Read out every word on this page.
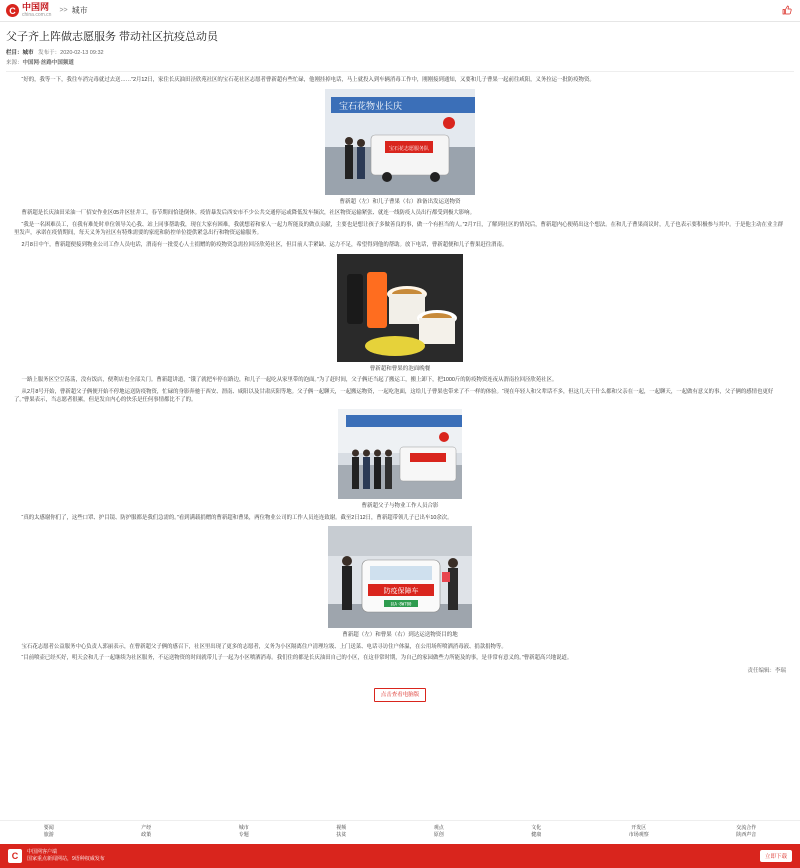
C 中国网
china.com.cn
>> 城市
父子齐上阵做志愿服务 带动社区抗疫总动员
栏目：城市 发布于：2020-02-13 09:32
来源：中国网·丝路中国频道

“好的，我等一下，我往车消完毒就过去送……”2月12日，家住长庆油田泾欣苑社区的宝石花社区志愿者曹新超有些忙碌，他刚挂掉电话，马上就投入到车辆消毒工作中，刚刚接到通知，又要和儿子曹果一起前往咸阳，义务拉运一批防疫物资。

宝石花物业长庆
宝石花志愿服务队
曹新超（左）和儿子曹果（右）准备出发运送物资

曹新超是长庆油田采油一厂招安作业区05井区驻井工，春节期间恰逢倒休。疫情暴发后西安市不少公共交通停运或降低发车频次，社区物资运输紧张、就连一线防疫人员出行都受到极大影响。

“我是一名困难员工，在我有难处时单位领导关心我、站上同事帮助我，现在大家有困难，我就想着和家人一起力所能及的做点贡献，主要也是想让孩子多做善良的事，做一个有担当的人。”2月7日，了解到社区的情况后，曹新超内心便萌出这个想法。在和儿子曹果商议时，儿子也表示要积极参与其中。于是他主动在业主群里发声，承诺在疫情期间，每天义务为社区有特殊需要的家庭和防控单位提供紧急出行和物资运输服务。

2月8日中午，曹新超便接到物业公司工作人员电话，渭南有一批爱心人士捐赠的防疫物资急需拉回泾欣苑社区，但目前人手紧缺、运力不足，希望得到他的帮助。放下电话，曹新超便和儿子曹果赶往渭南。

曹新超和曹果的泡面晚餐

一路上服务区空空荡荡，没有饭店，便利店也全部关门。曹新超讲道，“饿了就把车停在路边，和儿子一起吃从家里带的泡面。”为了赶时间，父子俩还当起了搬运工，搬上卸下，把1000斤的防疫物资连夜从渭南拉回泾欣苑社区。

从2月8号开始，曹新超父子俩便开始不停地运送防疫物资，忙碌的身影奔驰于西安、渭南、咸阳以及甘肃庆阳等地。父子俩一起聊天，一起搬运物资，一起吃泡面，这给儿子曹果也带来了不一样的体验。“现在年轻人和父辈话不多，但这几天干什么都和父亲在一起，一起聊天，一起做有意义的事，父子俩的感情也更好了。”曹果表示，当志愿者很累，但是发自内心的快乐是任何事情都比不了的。

曹新超父子与物业工作人员合影

“真的太感谢你们了，这些口罩、护目镜、防护服都是我们急需的。”看到满载捐赠的曹新超和曹果，两位物业公司的工作人员连连致谢。截至2日12日，曹新超带领儿子已出车10余次。

防疫保障车
陕A·8W700
曹新超（左）和曹果（右）到达运送物资目的地

宝石花志愿者公益服务中心负责人郭丽表示，在曹新超父子俩的感召下，社区里出现了更多的志愿者，义务为小区隔离住户清理垃圾、上门送菜、电话寻访住户体温，在公用场所喷洒消毒液、捐款捐物等。

“目前喷壶已经买好，明天会和儿子一起继续为社区服务，不运送物资的时间就带儿子一起为小区喷洒消毒。我们住的都是长庆油田自己的小区，在这非常时期，为自己的家园做些力所能及的事，是非常有意义的。”曹新超高兴地说道。

责任编辑：李瑞
点击查看电脑版
要闻
旅游
产经
政策
城市
专题
视频
扶贫
观点
原创
文化
健康
开发区
市场观察
交流合作
陕西声音
C	中国网客户端
国家重点新闻网站，9语种权威发布	立即下载
